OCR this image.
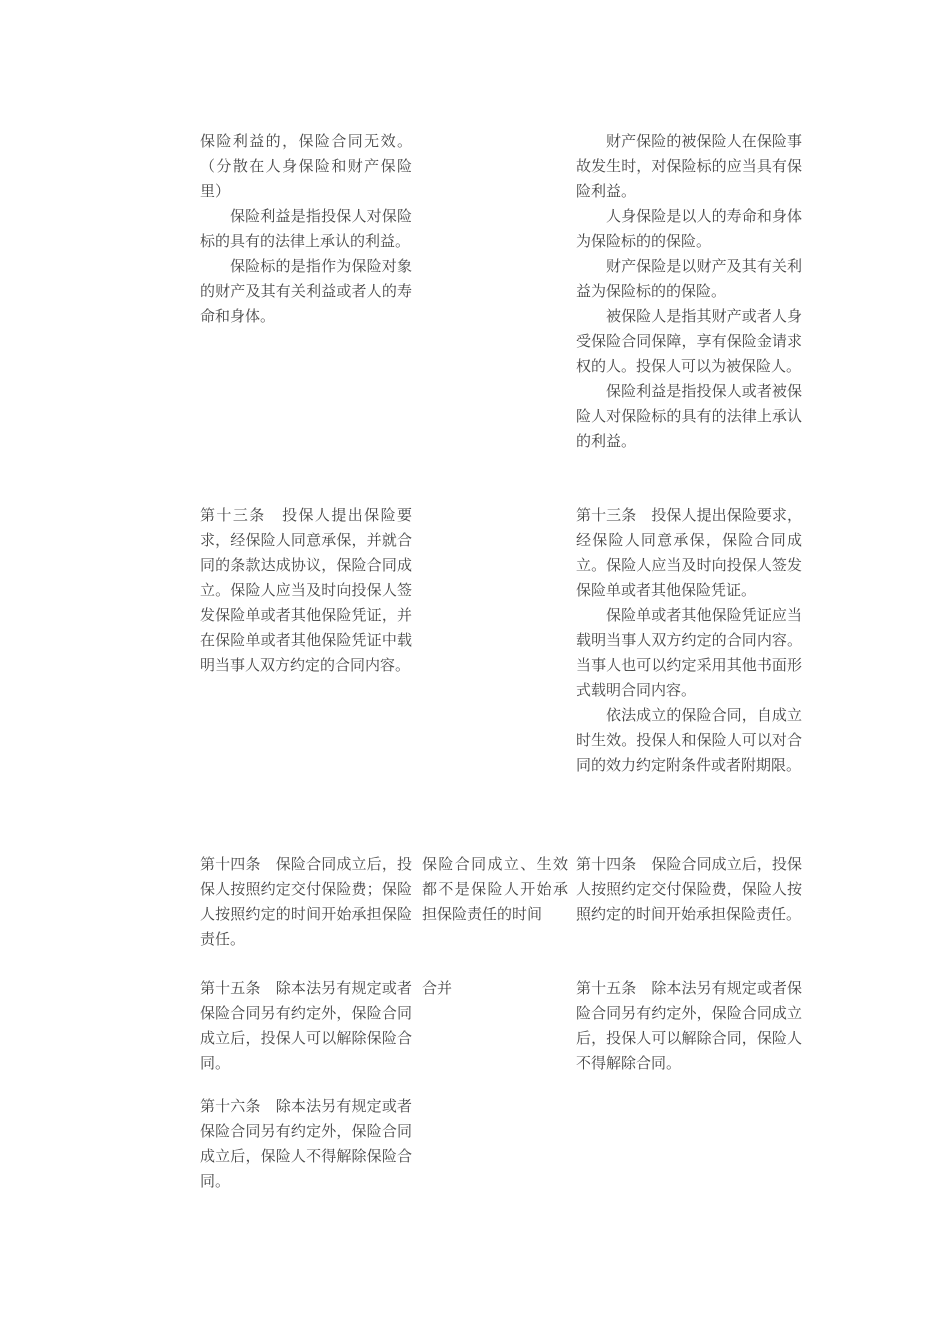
保险利益的，保险合同无效。（分散在人身保险和财产保险里）

保险利益是指投保人对保险标的具有的法律上承认的利益。

保险标的是指作为保险对象的财产及其有关利益或者人的寿命和身体。

财产保险的被保险人在保险事故发生时，对保险标的应当具有保险利益。

人身保险是以人的寿命和身体为保险标的的保险。

财产保险是以财产及其有关利益为保险标的的保险。

被保险人是指其财产或者人身受保险合同保障，享有保险金请求权的人。投保人可以为被保险人。

保险利益是指投保人或者被保险人对保险标的具有的法律上承认的利益。

第十三条　投保人提出保险要求，经保险人同意承保，并就合同的条款达成协议，保险合同成立。保险人应当及时向投保人签发保险单或者其他保险凭证，并在保险单或者其他保险凭证中载明当事人双方约定的合同内容。

第十三条　投保人提出保险要求，经保险人同意承保，保险合同成立。保险人应当及时向投保人签发保险单或者其他保险凭证。

保险单或者其他保险凭证应当载明当事人双方约定的合同内容。当事人也可以约定采用其他书面形式载明合同内容。

依法成立的保险合同，自成立时生效。投保人和保险人可以对合同的效力约定附条件或者附期限。

第十四条　保险合同成立后，投保人按照约定交付保险费；保险人按照约定的时间开始承担保险责任。

保险合同成立、生效都不是保险人开始承担保险责任的时间

第十四条　保险合同成立后，投保人按照约定交付保险费，保险人按照约定的时间开始承担保险责任。

第十五条　除本法另有规定或者保险合同另有约定外，保险合同成立后，投保人可以解除保险合同。

合并	第十五条　除本法另有规定或者保险合同另有约定外，保险合同成立后，投保人可以解除合同，保险人不得解除合同。

第十六条　除本法另有规定或者保险合同另有约定外，保险合同成立后，保险人不得解除保险合同。
